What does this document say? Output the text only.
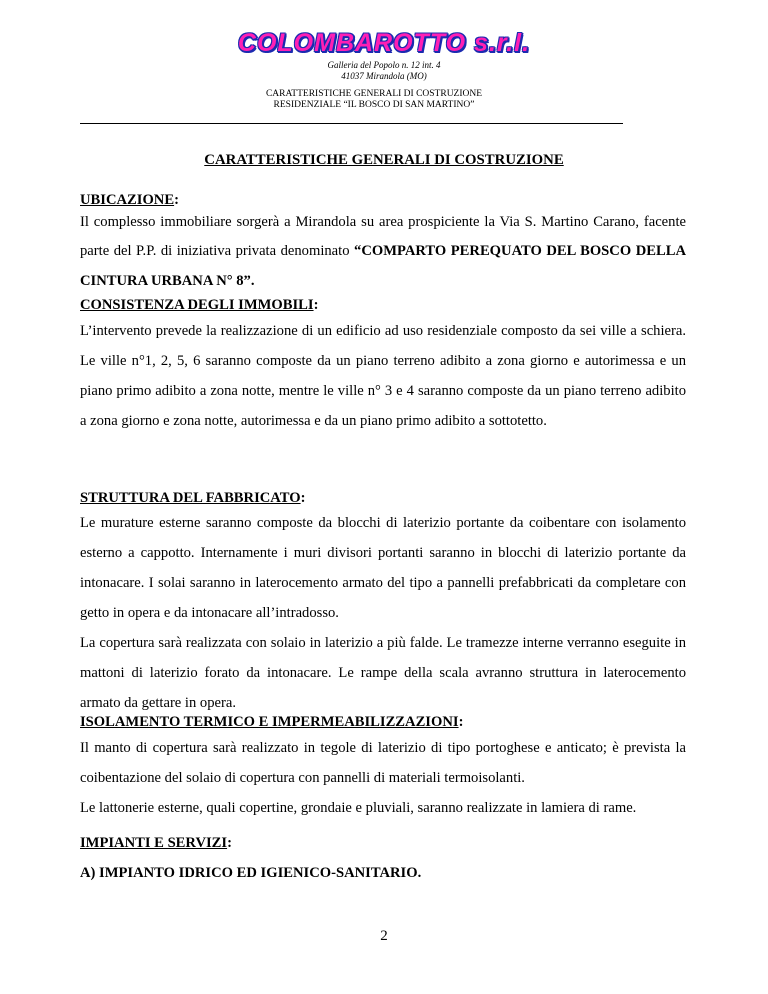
COLOMBAROTTO s.r.l.
Galleria del Popolo n. 12 int. 4
41037 Mirandola (MO)
CARATTERISTICHE GENERALI DI COSTRUZIONE
RESIDENZIALE “IL BOSCO DI SAN MARTINO”
CARATTERISTICHE GENERALI DI COSTRUZIONE
UBICAZIONE:
Il complesso immobiliare sorgerà a Mirandola su area prospiciente la Via S. Martino Carano, facente parte del P.P. di iniziativa privata denominato “COMPARTO PEREQUATO DEL BOSCO DELLA CINTURA URBANA N° 8”.
CONSISTENZA DEGLI IMMOBILI:
L’intervento prevede la realizzazione di un edificio ad uso residenziale composto da sei ville a schiera. Le ville n°1, 2, 5, 6 saranno composte da un piano terreno adibito a zona giorno e autorimessa e un piano primo adibito a zona notte, mentre le ville n° 3 e 4 saranno composte da un piano terreno adibito a zona giorno e zona notte, autorimessa e da un piano primo adibito a sottotetto.
STRUTTURA DEL FABBRICATO:
Le murature esterne saranno composte da blocchi di laterizio portante da coibentare con isolamento esterno a cappotto. Internamente i muri divisori portanti saranno in blocchi di laterizio portante da intonacare. I solai saranno in laterocemento armato del tipo a pannelli prefabbricati da completare con getto in opera e da intonacare all’intradosso.
La copertura sarà realizzata con solaio in laterizio a più falde. Le tramezze interne verranno eseguite in mattoni di laterizio forato da intonacare. Le rampe della scala avranno struttura in laterocemento armato da gettare in opera.
ISOLAMENTO TERMICO E IMPERMEABILIZZAZIONI:
Il manto di copertura sarà realizzato in tegole di laterizio di tipo portoghese e anticato; è prevista la coibentazione del solaio di copertura con pannelli di materiali termoisolanti.
Le lattonerie esterne, quali copertine, grondaie e pluviali, saranno realizzate in lamiera di rame.
IMPIANTI E SERVIZI:
A) IMPIANTO IDRICO ED IGIENICO-SANITARIO.
2
